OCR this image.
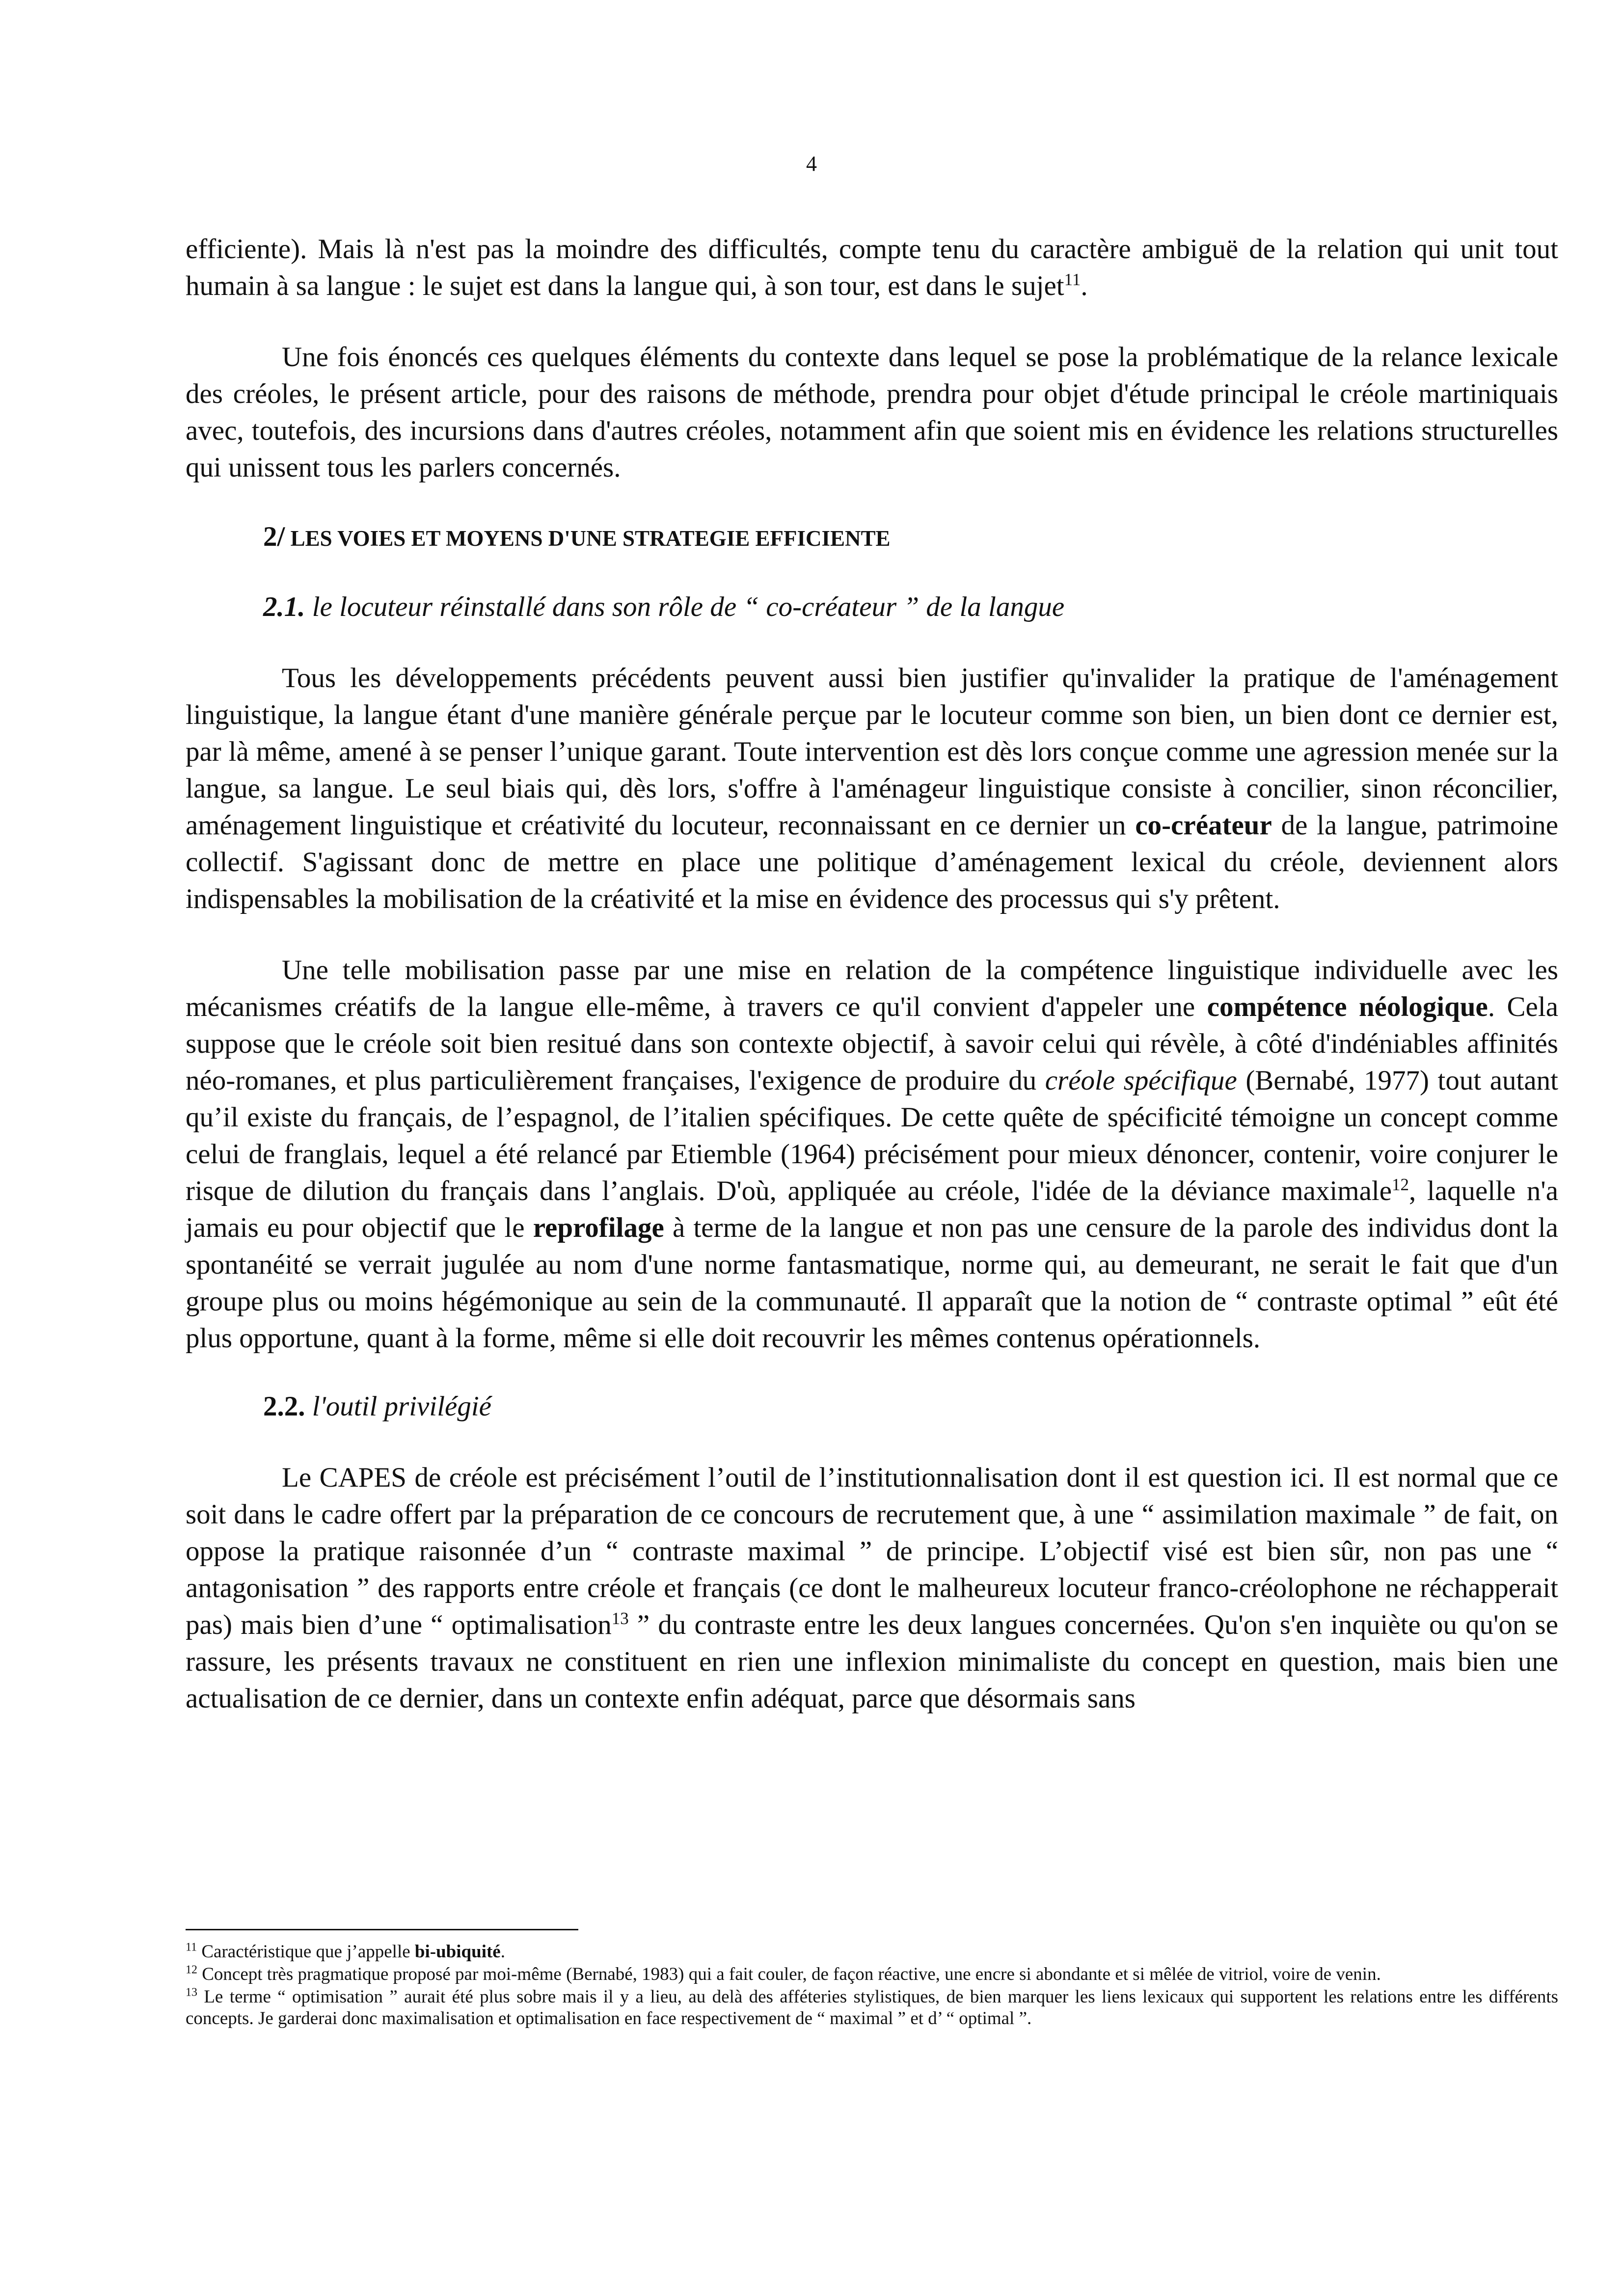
4

efficiente). Mais là n'est pas la moindre des difficultés, compte tenu du caractère ambiguë de la relation qui unit tout humain à sa langue : le sujet est dans la langue qui, à son tour, est dans le sujet$^{11}$.

Une fois énoncés ces quelques éléments du contexte dans lequel se pose la problématique de la relance lexicale des créoles, le présent article, pour des raisons de méthode, prendra pour objet d'étude principal le créole martiniquais avec, toutefois, des incursions dans d'autres créoles, notamment afin que soient mis en évidence les relations structurelles qui unissent tous les parlers concernés.

2/ LES VOIES ET MOYENS D'UNE STRATEGIE EFFICIENTE

2.1. le locuteur réinstallé dans son rôle de “ co-créateur ” de la langue

Tous les développements précédents peuvent aussi bien justifier qu'invalider la pratique de l'aménagement linguistique, la langue étant d'une manière générale perçue par le locuteur comme son bien, un bien dont ce dernier est, par là même, amené à se penser l’unique garant. Toute intervention est dès lors conçue comme une agression menée sur la langue, sa langue. Le seul biais qui, dès lors, s'offre à l'aménageur linguistique consiste à concilier, sinon réconcilier, aménagement linguistique et créativité du locuteur, reconnaissant en ce dernier un co-créateur de la langue, patrimoine collectif. S'agissant donc de mettre en place une politique d’aménagement lexical du créole, deviennent alors indispensables la mobilisation de la créativité et la mise en évidence des processus qui s'y prêtent.

Une telle mobilisation passe par une mise en relation de la compétence linguistique individuelle avec les mécanismes créatifs de la langue elle-même, à travers ce qu'il convient d'appeler une compétence néologique. Cela suppose que le créole soit bien resitué dans son contexte objectif, à savoir celui qui révèle, à côté d'indéniables affinités néo-romanes, et plus particulièrement françaises, l'exigence de produire du créole spécifique (Bernabé, 1977) tout autant qu’il existe du français, de l’espagnol, de l’italien spécifiques. De cette quête de spécificité témoigne un concept comme celui de franglais, lequel a été relancé par Etiemble (1964) précisément pour mieux dénoncer, contenir, voire conjurer le risque de dilution du français dans l’anglais. D'où, appliquée au créole, l'idée de la déviance maximale$^{12}$, laquelle n'a jamais eu pour objectif que le reprofilage à terme de la langue et non pas une censure de la parole des individus dont la spontanéité se verrait jugulée au nom d'une norme fantasmatique, norme qui, au demeurant, ne serait le fait que d'un groupe plus ou moins hégémonique au sein de la communauté. Il apparaît que la notion de “ contraste optimal ” eût été plus opportune, quant à la forme, même si elle doit recouvrir les mêmes contenus opérationnels.

2.2. l'outil privilégié

Le CAPES de créole est précisément l’outil de l’institutionnalisation dont il est question ici. Il est normal que ce soit dans le cadre offert par la préparation de ce concours de recrutement que, à une “ assimilation maximale ” de fait, on oppose la pratique raisonnée d’un “ contraste maximal ” de principe. L’objectif visé est bien sûr, non pas une “ antagonisation ” des rapports entre créole et français (ce dont le malheureux locuteur franco-créolophone ne réchapperait pas) mais bien d’une “ optimalisation$^{13}$ ” du contraste entre les deux langues concernées. Qu'on s'en inquiète ou qu'on se rassure, les présents travaux ne constituent en rien une inflexion minimaliste du concept en question, mais bien une actualisation de ce dernier, dans un contexte enfin adéquat, parce que désormais sans

$^{11}$ Caractéristique que j’appelle bi-ubiquité.

$^{12}$ Concept très pragmatique proposé par moi-même (Bernabé, 1983) qui a fait couler, de façon réactive, une encre si abondante et si mêlée de vitriol, voire de venin.

$^{13}$ Le terme “ optimisation ” aurait été plus sobre mais il y a lieu, au delà des afféteries stylistiques, de bien marquer les liens lexicaux qui supportent les relations entre les différents concepts. Je garderai donc maximalisation et optimalisation en face respectivement de “ maximal ” et d’ “ optimal ”.
